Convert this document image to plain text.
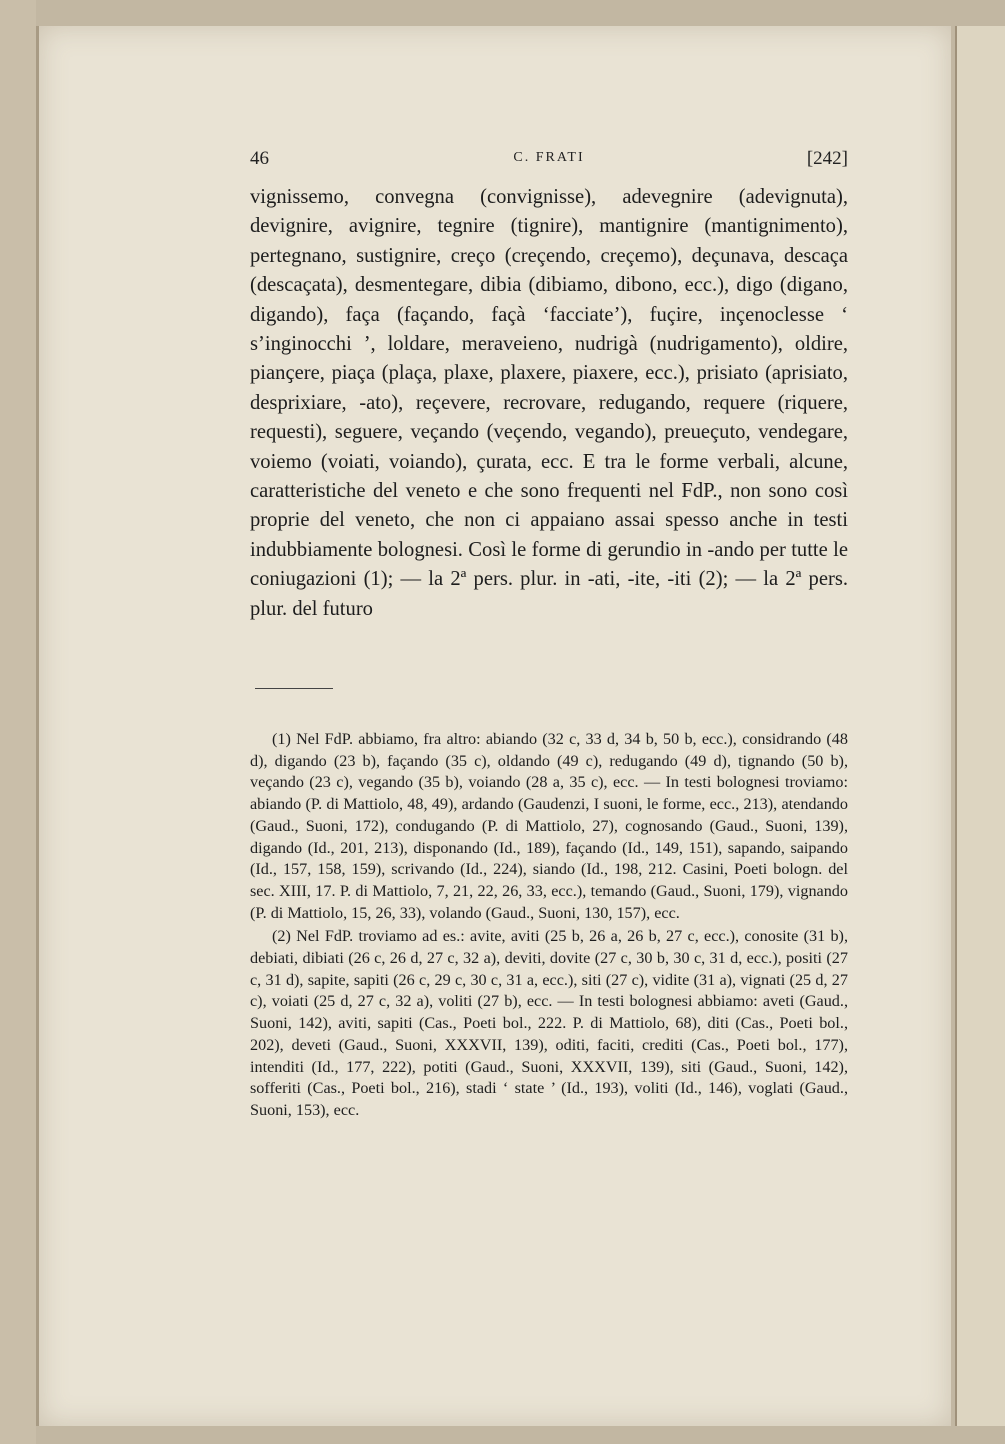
46	C. FRATI	[242]

vignissemo, convegna (convignisse), adevegnire (adevignuta), devignire, avignire, tegnire (tignire), mantignire (mantignimento), pertegnano, sustignire, creço (creçendo, creçemo), deçunava, descaça (descaçata), desmentegare, dibia (dibiamo, dibono, ecc.), digo (digano, digando), faça (façando, façà ‘facciate’), fuçire, inçenoclesse ‘ s’inginocchi ’, loldare, meraveieno, nudrigà (nudrigamento), oldire, pianҫere, piaça (plaça, plaxe, plaxere, piaxere, ecc.), prisiato (aprisiato, desprixiare, -ato), reçevere, recrovare, redugando, requere (riquere, requesti), seguere, veçando (veçendo, vegando), preueçuto, vendegare, voiemo (voiati, voiando), çurata, ecc. E tra le forme verbali, alcune, caratteristiche del veneto e che sono frequenti nel FdP., non sono così proprie del veneto, che non ci appaiano assai spesso anche in testi indubbiamente bolognesi. Così le forme di gerundio in -ando per tutte le coniugazioni (1); — la 2ª pers. plur. in -ati, -ite, -iti (2); — la 2ª pers. plur. del futuro

(1) Nel FdP. abbiamo, fra altro: abiando (32 c, 33 d, 34 b, 50 b, ecc.), considrando (48 d), digando (23 b), façando (35 c), oldando (49 c), redugando (49 d), tignando (50 b), veçando (23 c), vegando (35 b), voiando (28 a, 35 c), ecc. — In testi bolognesi troviamo: abiando (P. di Mattiolo, 48, 49), ardando (Gaudenzi, I suoni, le forme, ecc., 213), atendando (Gaud., Suoni, 172), condugando (P. di Mattiolo, 27), cognosando (Gaud., Suoni, 139), digando (Id., 201, 213), disponando (Id., 189), façando (Id., 149, 151), sapando, saipando (Id., 157, 158, 159), scrivando (Id., 224), siando (Id., 198, 212. Casini, Poeti bologn. del sec. XIII, 17. P. di Mattiolo, 7, 21, 22, 26, 33, ecc.), temando (Gaud., Suoni, 179), vignando (P. di Mattiolo, 15, 26, 33), volando (Gaud., Suoni, 130, 157), ecc.

(2) Nel FdP. troviamo ad es.: avite, aviti (25 b, 26 a, 26 b, 27 c, ecc.), conosite (31 b), debiati, dibiati (26 c, 26 d, 27 c, 32 a), deviti, dovite (27 c, 30 b, 30 c, 31 d, ecc.), positi (27 c, 31 d), sapite, sapiti (26 c, 29 c, 30 c, 31 a, ecc.), siti (27 c), vidite (31 a), vignati (25 d, 27 c), voiati (25 d, 27 c, 32 a), voliti (27 b), ecc. — In testi bolognesi abbiamo: aveti (Gaud., Suoni, 142), aviti, sapiti (Cas., Poeti bol., 222. P. di Mattiolo, 68), diti (Cas., Poeti bol., 202), deveti (Gaud., Suoni, XXXVII, 139), oditi, faciti, crediti (Cas., Poeti bol., 177), intenditi (Id., 177, 222), potiti (Gaud., Suoni, XXXVII, 139), siti (Gaud., Suoni, 142), sofferiti (Cas., Poeti bol., 216), stadi ‘ state ’ (Id., 193), voliti (Id., 146), voglati (Gaud., Suoni, 153), ecc.
